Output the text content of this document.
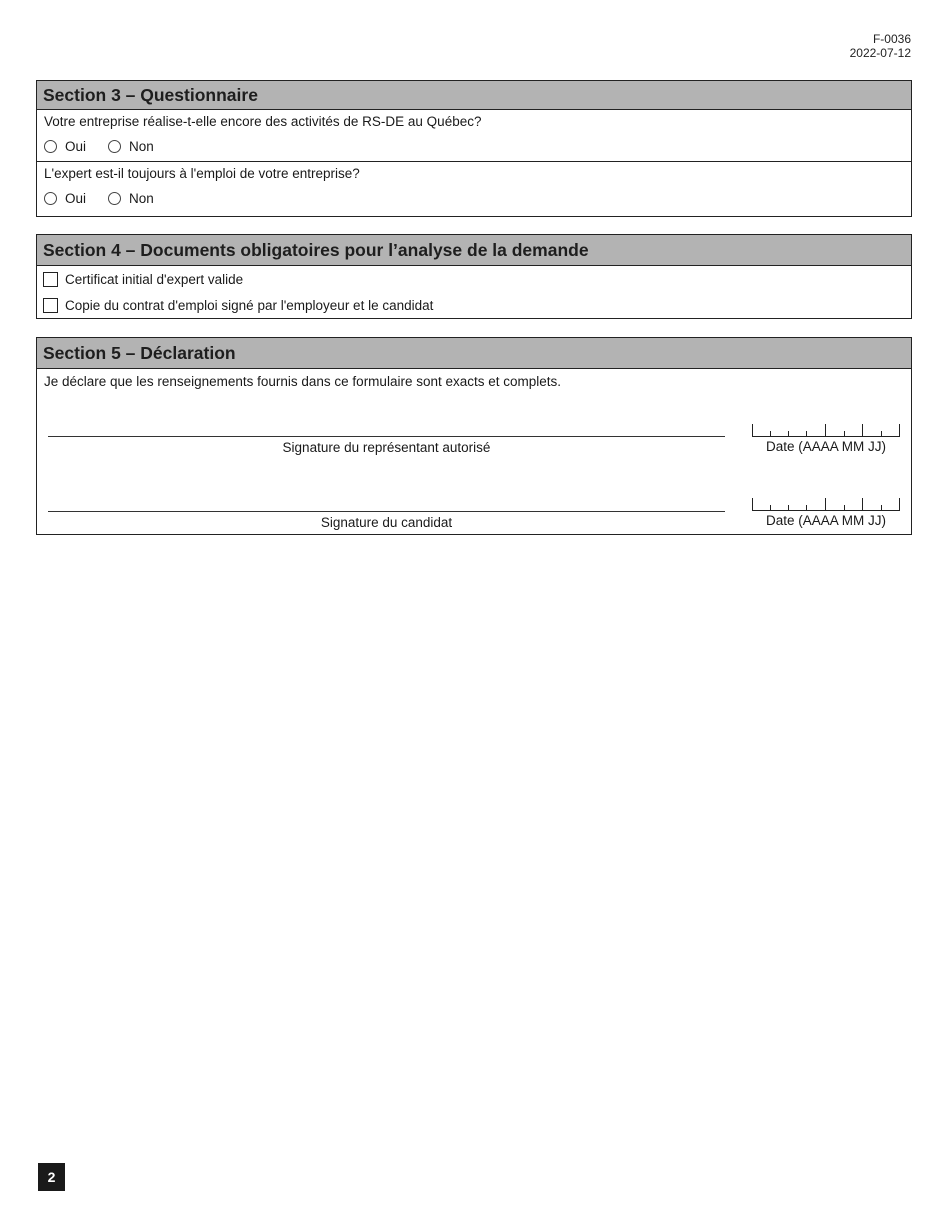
F-0036
2022-07-12
Section 3 – Questionnaire
Votre entreprise réalise-t-elle encore des activités de RS-DE au Québec?
Oui	Non
L'expert est-il toujours à l'emploi de votre entreprise?
Oui	Non
Section 4 – Documents obligatoires pour l’analyse de la demande
Certificat initial d'expert valide
Copie du contrat d'emploi signé par l'employeur et le candidat
Section 5 – Déclaration
Je déclare que les renseignements fournis dans ce formulaire sont exacts et complets.
Signature du représentant autorisé	Date (AAAA MM JJ)
Signature du candidat	Date (AAAA MM JJ)
2
